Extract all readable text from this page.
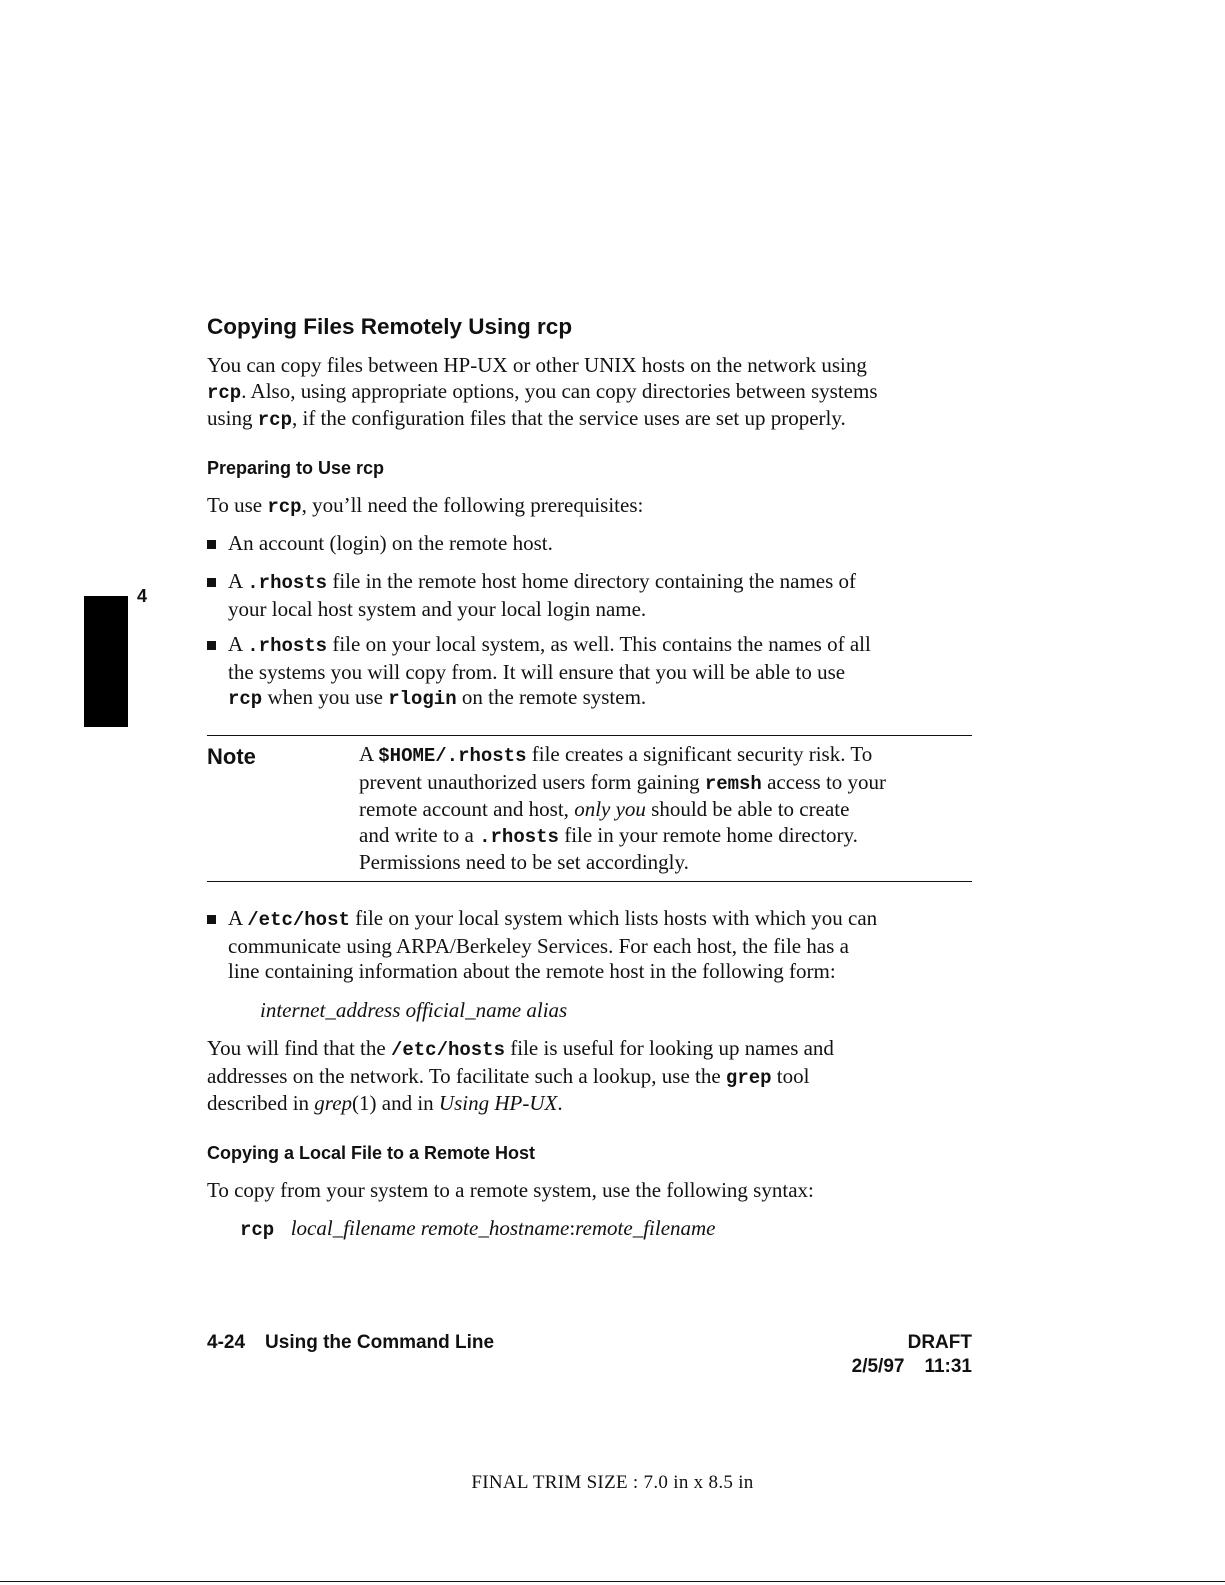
4
Copying Files Remotely Using rcp
You can copy files between HP-UX or other UNIX hosts on the network using
rcp. Also, using appropriate options, you can copy directories between systems
using rcp, if the configuration files that the service uses are set up properly.
Preparing to Use rcp
To use rcp, you’ll need the following prerequisites:
An account (login) on the remote host.
A .rhosts file in the remote host home directory containing the names of
your local host system and your local login name.
A .rhosts file on your local system, as well. This contains the names of all
the systems you will copy from. It will ensure that you will be able to use
rcp when you use rlogin on the remote system.
Note	A $HOME/.rhosts file creates a significant security risk. To
prevent unauthorized users form gaining remsh access to your
remote account and host, only you should be able to create
and write to a .rhosts file in your remote home directory.
Permissions need to be set accordingly.
A /etc/host file on your local system which lists hosts with which you can
communicate using ARPA/Berkeley Services. For each host, the file has a
line containing information about the remote host in the following form:
internet_address official_name alias
You will find that the /etc/hosts file is useful for looking up names and
addresses on the network. To facilitate such a lookup, use the grep tool
described in grep(1) and in Using HP-UX.
Copying a Local File to a Remote Host
To copy from your system to a remote system, use the following syntax:
rcp local_filename remote_hostname:remote_filename
4-24 Using the Command Line	DRAFT
2/5/97 11:31
FINAL TRIM SIZE : 7.0 in x 8.5 in
